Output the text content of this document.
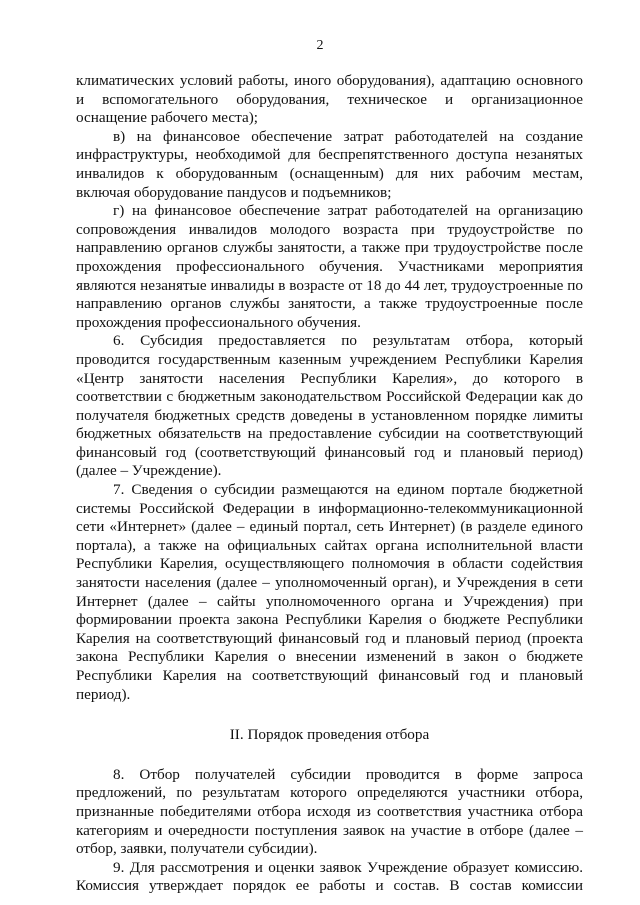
2

климатических условий работы, иного оборудования), адаптацию основного и вспомогательного оборудования, техническое и организационное оснащение рабочего места);

в) на финансовое обеспечение затрат работодателей на создание инфраструктуры, необходимой для беспрепятственного доступа незанятых инвалидов к оборудованным (оснащенным) для них рабочим местам, включая оборудование пандусов и подъемников;

г) на финансовое обеспечение затрат работодателей на организацию сопровождения инвалидов молодого возраста при трудоустройстве по направлению органов службы занятости, а также при трудоустройстве после прохождения профессионального обучения. Участниками мероприятия являются незанятые инвалиды в возрасте от 18 до 44 лет, трудоустроенные по направлению органов службы занятости, а также трудоустроенные после прохождения профессионального обучения.

6. Субсидия предоставляется по результатам отбора, который проводится государственным казенным учреждением Республики Карелия «Центр занятости населения Республики Карелия», до которого в соответствии с бюджетным законодательством Российской Федерации как до получателя бюджетных средств доведены в установленном порядке лимиты бюджетных обязательств на предоставление субсидии на соответствующий финансовый год (соответствующий финансовый год и плановый период) (далее – Учреждение).

7. Сведения о субсидии размещаются на едином портале бюджетной системы Российской Федерации в информационно-телекоммуникационной сети «Интернет» (далее – единый портал, сеть Интернет) (в разделе единого портала), а также на официальных сайтах органа исполнительной власти Республики Карелия, осуществляющего полномочия в области содействия занятости населения (далее – уполномоченный орган), и Учреждения в сети Интернет (далее – сайты уполномоченного органа и Учреждения) при формировании проекта закона Республики Карелия о бюджете Республики Карелия на соответствующий финансовый год и плановый период (проекта закона Республики Карелия о внесении изменений в закон о бюджете Республики Карелия на соответствующий финансовый год и плановый период).

II. Порядок проведения отбора

8. Отбор получателей субсидии проводится в форме запроса предложений, по результатам которого определяются участники отбора, признанные победителями отбора исходя из соответствия участника отбора категориям и очередности поступления заявок на участие в отборе (далее – отбор, заявки, получатели субсидии).

9. Для рассмотрения и оценки заявок Учреждение образует комиссию. Комиссия утверждает порядок ее работы и состав. В состав комиссии
